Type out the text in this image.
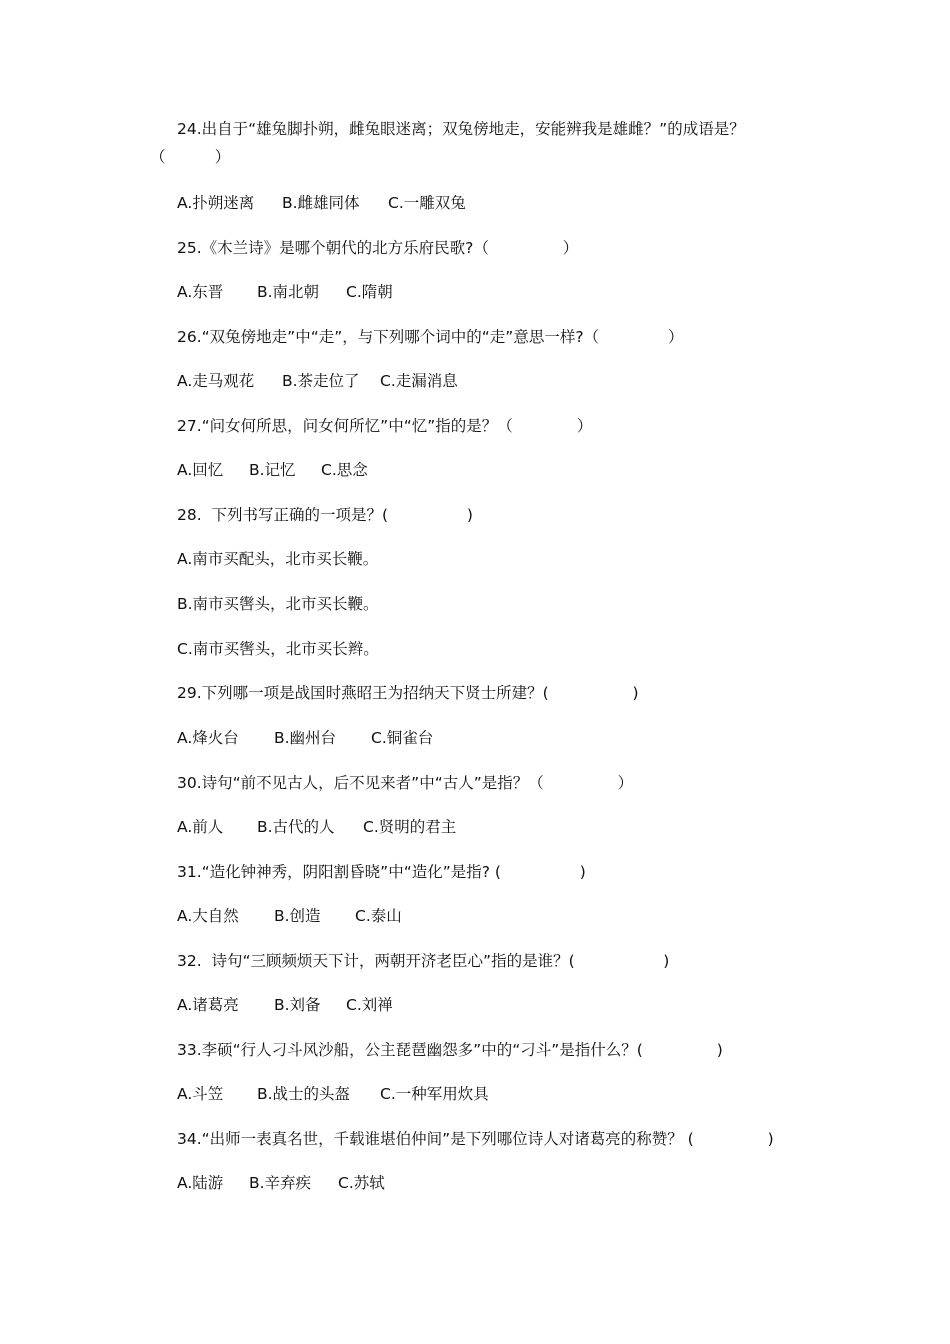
24.出自于“雄兔脚扑朔，雌兔眼迷离；双兔傍地走，安能辨我是雄雌？”的成语是？
（          ）
A.扑朔迷离 B.雌雄同体 C.一雕双兔
25.《木兰诗》是哪个朝代的北方乐府民歌?（               ）
A.东晋 B.南北朝 C.隋朝
26.“双兔傍地走”中“走”，与下列哪个词中的“走”意思一样?（              ）
A.走马观花 B.茶走位了 C.走漏消息
27.“问女何所思，问女何所忆”中“忆”指的是？（             ）
A.回忆 B.记忆 C.思念
28.  下列书写正确的一项是？(                )
A.南市买配头，北市买长鞭。
B.南市买辔头，北市买长鞭。
C.南市买辔头，北市买长辫。
29.下列哪一项是战国时燕昭王为招纳天下贤士所建？(                 )
A.烽火台 B.幽州台 C.铜雀台
30.诗句“前不见古人，后不见来者”中“古人”是指？（               ）
A.前人 B.古代的人 C.贤明的君主
31.“造化钟神秀，阴阳割昏晓”中“造化”是指? (                )
A.大自然 B.创造 C.泰山
32.  诗句“三顾频烦天下计，两朝开济老臣心”指的是谁？(                  )
A.诸葛亮 B.刘备 C.刘禅
33.李硕“行人刁斗风沙船，公主琵琶幽怨多”中的“刁斗”是指什么？(               )
A.斗笠 B.战士的头盔 C.一种军用炊具
34.“出师一表真名世，千载谁堪伯仲间”是下列哪位诗人对诸葛亮的称赞？ (               )
A.陆游 B.辛弃疾 C.苏轼
